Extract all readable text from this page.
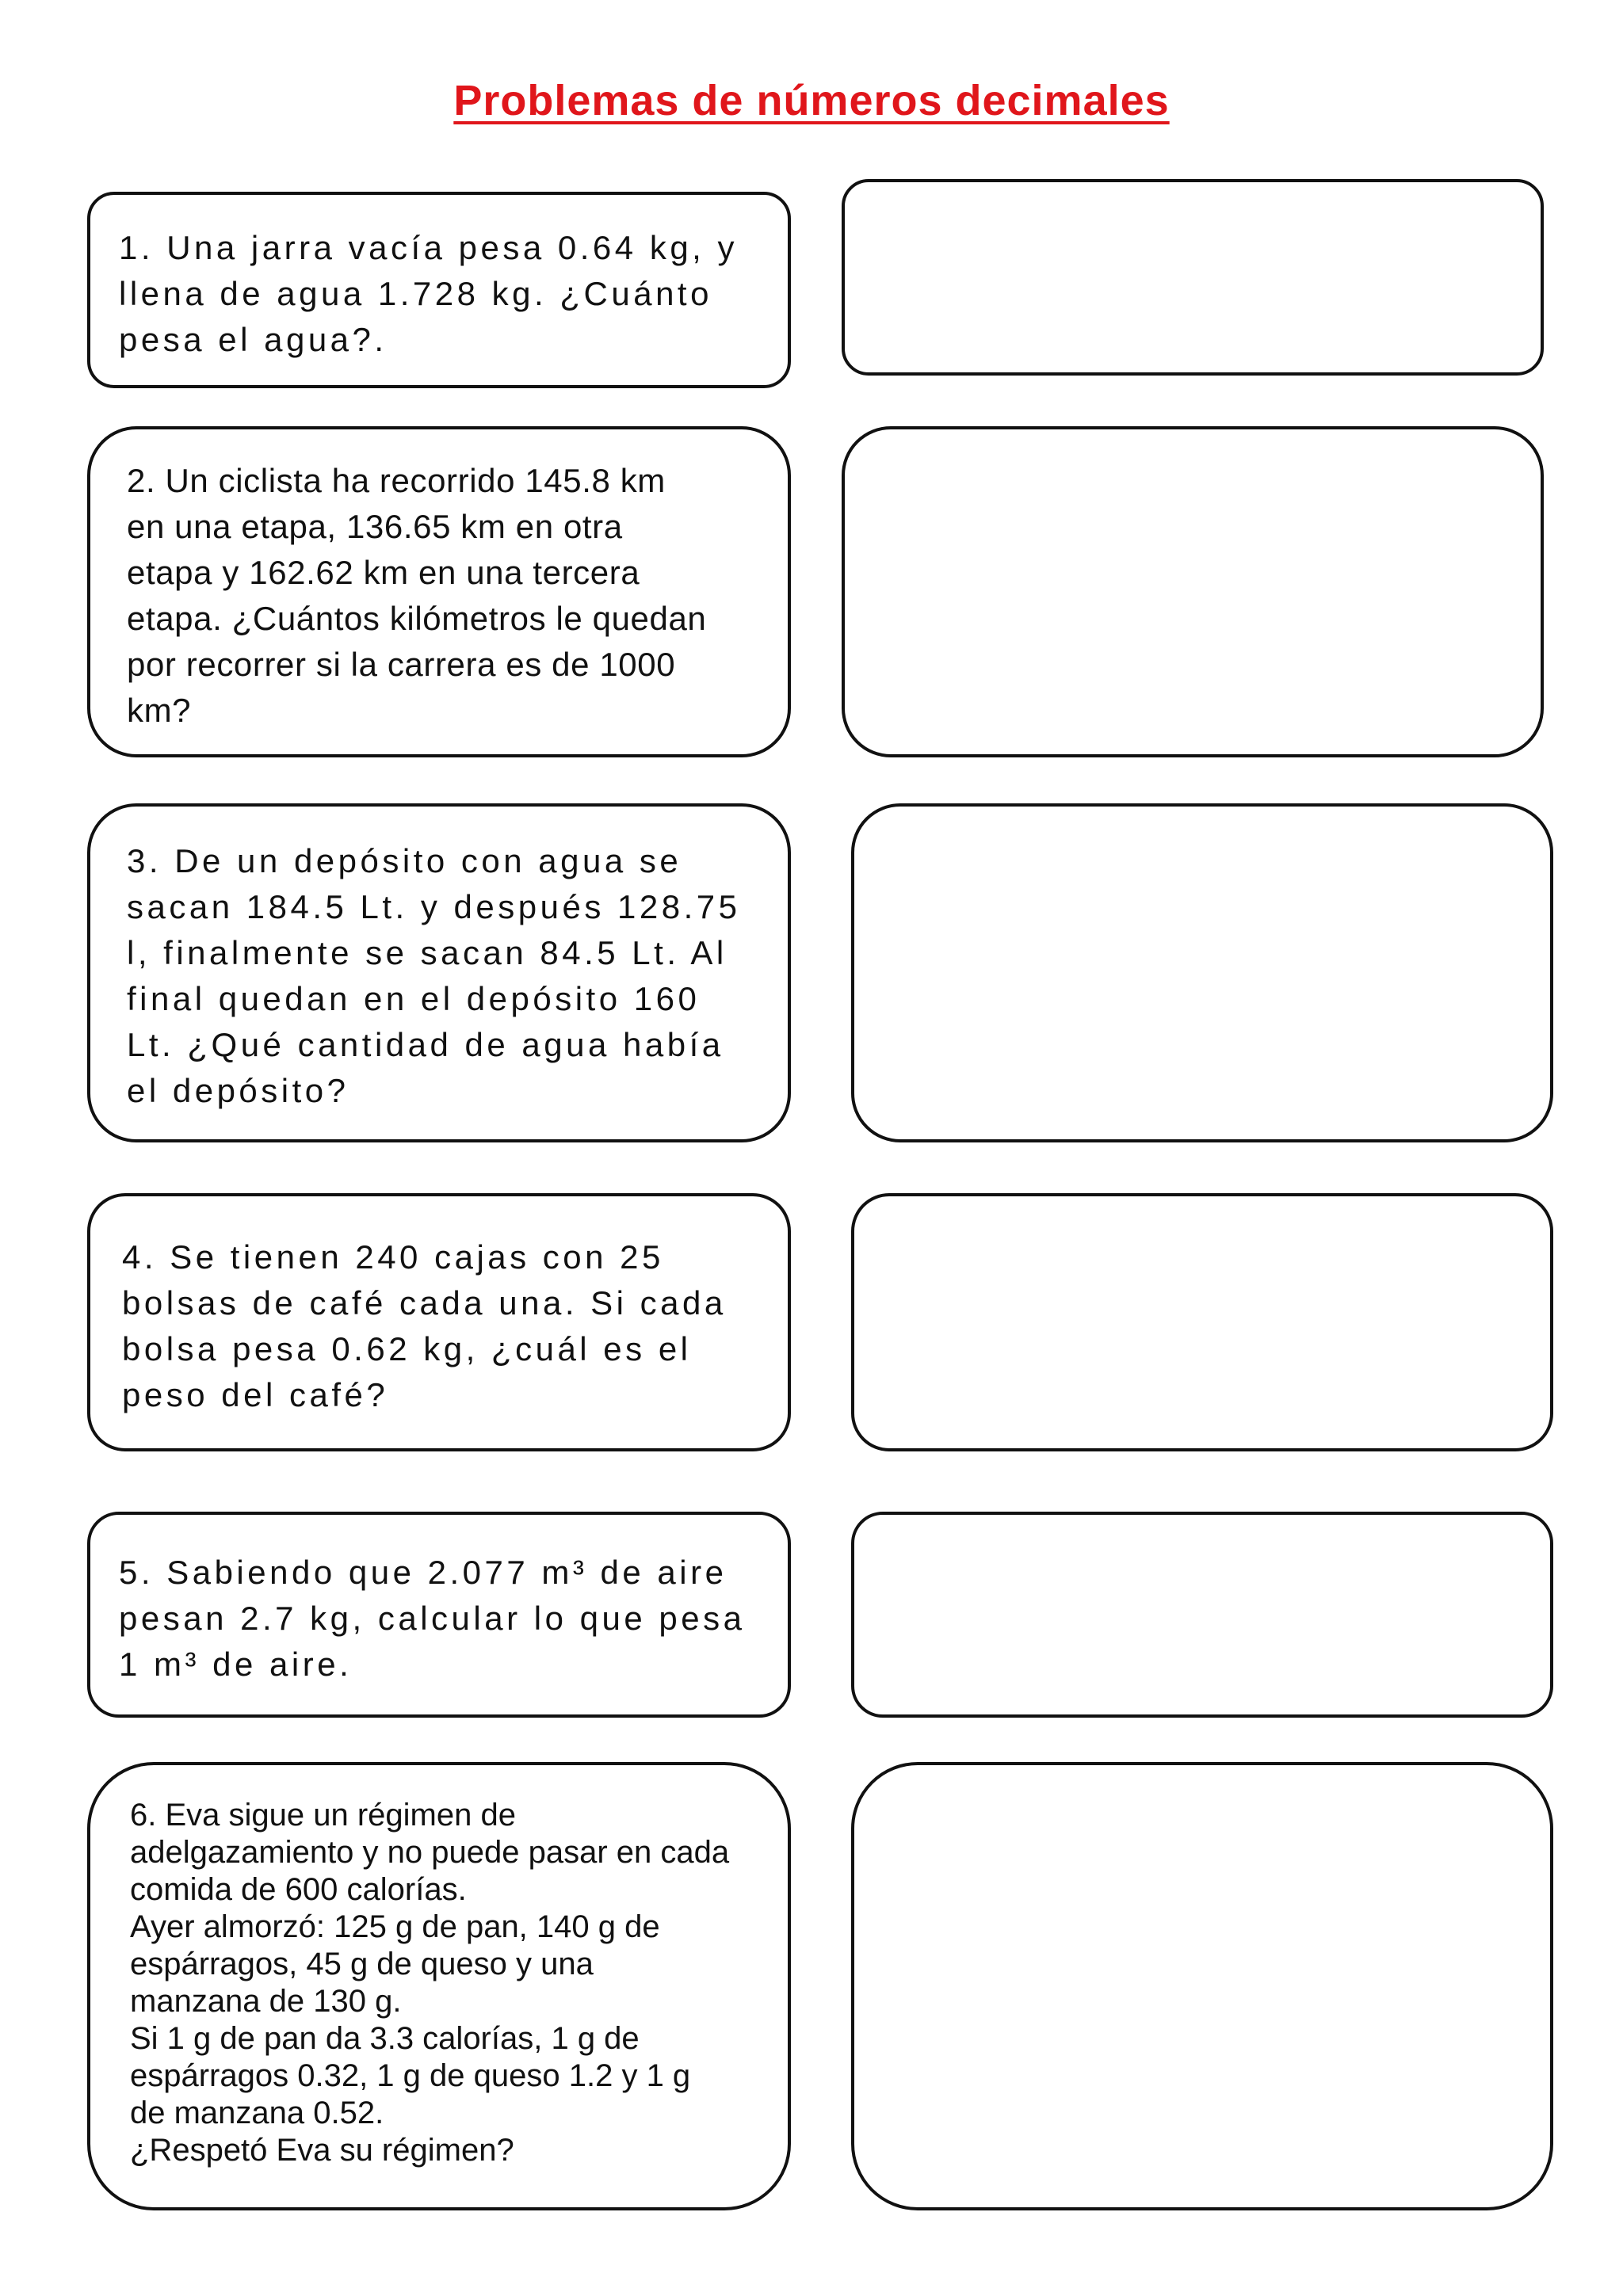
Problemas de números decimales
1. Una jarra vacía pesa 0.64 kg, y
llena de agua 1.728 kg. ¿Cuánto
pesa el agua?.
2. Un ciclista ha recorrido 145.8 km
en una etapa, 136.65 km en otra
etapa y 162.62 km en una tercera
etapa. ¿Cuántos kilómetros le quedan
por recorrer si la carrera es de 1000
km?
3. De un depósito con agua se
sacan 184.5 Lt. y después 128.75
l, finalmente se sacan 84.5 Lt. Al
final quedan en el depósito 160
Lt. ¿Qué cantidad de agua había
el depósito?
4. Se tienen 240 cajas con 25
bolsas de café cada una. Si cada
bolsa pesa 0.62 kg, ¿cuál es el
peso del café?
5. Sabiendo que 2.077 m³ de aire
pesan 2.7 kg, calcular lo que pesa
1 m³ de aire.
6. Eva sigue un régimen de
adelgazamiento y no puede pasar en cada
comida de 600 calorías.
Ayer almorzó: 125 g de pan, 140 g de
espárragos, 45 g de queso y una
manzana de 130 g.
Si 1 g de pan da 3.3 calorías, 1 g de
espárragos 0.32, 1 g de queso 1.2 y 1 g
de manzana 0.52.
¿Respetó Eva su régimen?
